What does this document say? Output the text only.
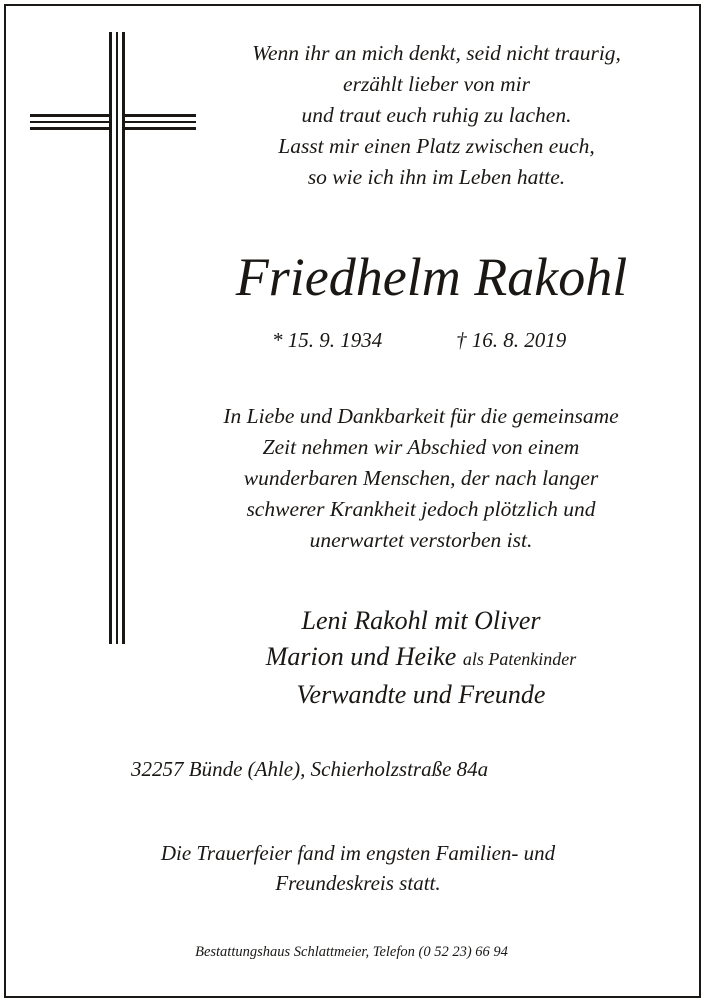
Wenn ihr an mich denkt, seid nicht traurig,
erzählt lieber von mir
und traut euch ruhig zu lachen.
Lasst mir einen Platz zwischen euch,
so wie ich ihn im Leben hatte.
Friedhelm Rakohl
* 15. 9. 1934	† 16. 8. 2019
In Liebe und Dankbarkeit für die gemeinsame
Zeit nehmen wir Abschied von einem
wunderbaren Menschen, der nach langer
schwerer Krankheit jedoch plötzlich und
unerwartet verstorben ist.
Leni Rakohl mit Oliver
Marion und Heike als Patenkinder
Verwandte und Freunde
32257 Bünde (Ahle), Schierholzstraße 84a
Die Trauerfeier fand im engsten Familien- und
Freundeskreis statt.
Bestattungshaus Schlattmeier, Telefon (0 52 23) 66 94
